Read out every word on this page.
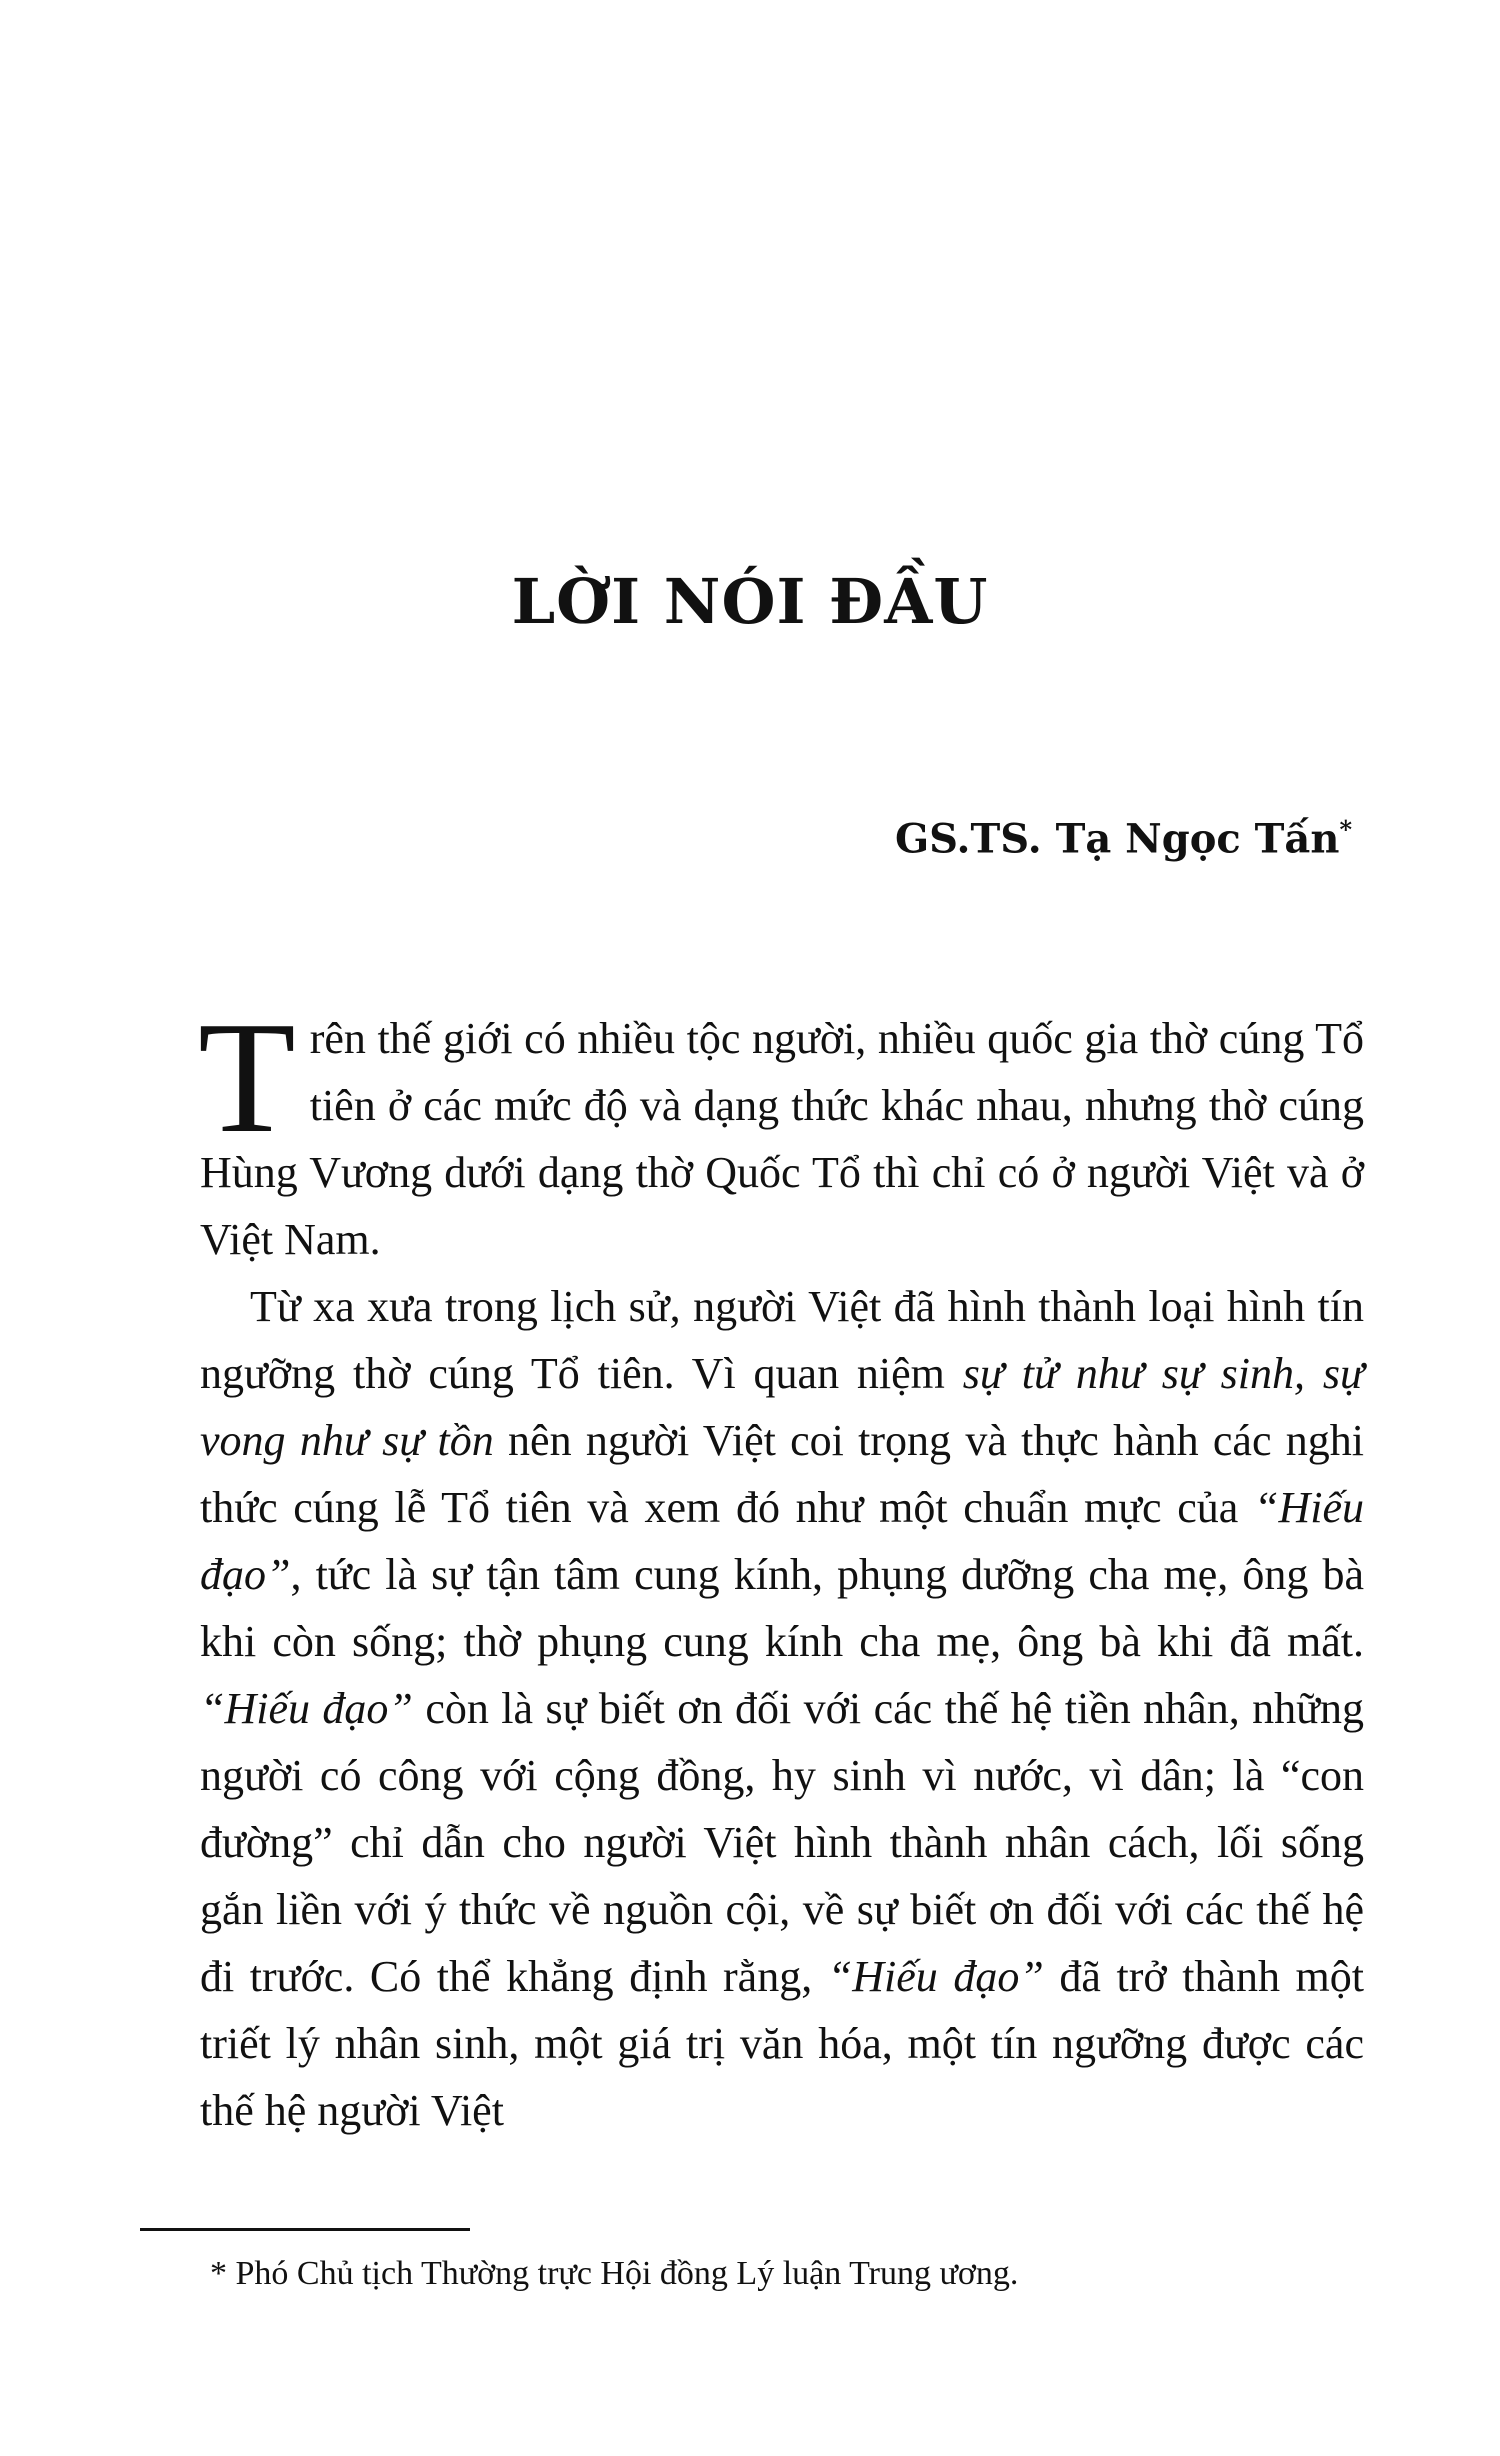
LỜI NÓI ĐẦU
GS.TS. Tạ Ngọc Tấn*

Trên thế giới có nhiều tộc người, nhiều quốc gia thờ cúng Tổ tiên ở các mức độ và dạng thức khác nhau, nhưng thờ cúng Hùng Vương dưới dạng thờ Quốc Tổ thì chỉ có ở người Việt và ở Việt Nam.

Từ xa xưa trong lịch sử, người Việt đã hình thành loại hình tín ngưỡng thờ cúng Tổ tiên. Vì quan niệm sự tử như sự sinh, sự vong như sự tồn nên người Việt coi trọng và thực hành các nghi thức cúng lễ Tổ tiên và xem đó như một chuẩn mực của “Hiếu đạo”, tức là sự tận tâm cung kính, phụng dưỡng cha mẹ, ông bà khi còn sống; thờ phụng cung kính cha mẹ, ông bà khi đã mất. “Hiếu đạo” còn là sự biết ơn đối với các thế hệ tiền nhân, những người có công với cộng đồng, hy sinh vì nước, vì dân; là “con đường” chỉ dẫn cho người Việt hình thành nhân cách, lối sống gắn liền với ý thức về nguồn cội, về sự biết ơn đối với các thế hệ đi trước. Có thể khẳng định rằng, “Hiếu đạo” đã trở thành một triết lý nhân sinh, một giá trị văn hóa, một tín ngưỡng được các thế hệ người Việt

* Phó Chủ tịch Thường trực Hội đồng Lý luận Trung ương.
